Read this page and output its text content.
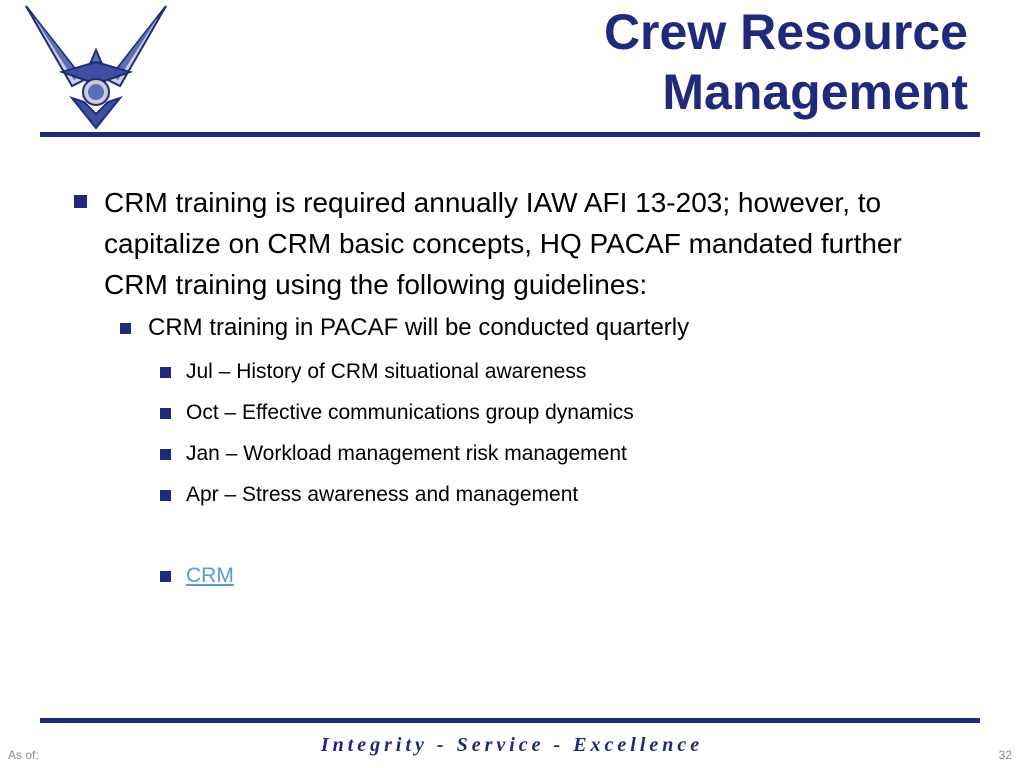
Crew Resource
Management
CRM training is required annually IAW AFI 13-203; however, to capitalize on CRM basic concepts, HQ PACAF mandated further CRM training using the following guidelines:
CRM training in PACAF will be conducted quarterly
Jul – History of CRM situational awareness
Oct – Effective communications group dynamics
Jan – Workload management risk management
Apr – Stress awareness and management
CRM
Integrity - Service - Excellence
As of:	32
